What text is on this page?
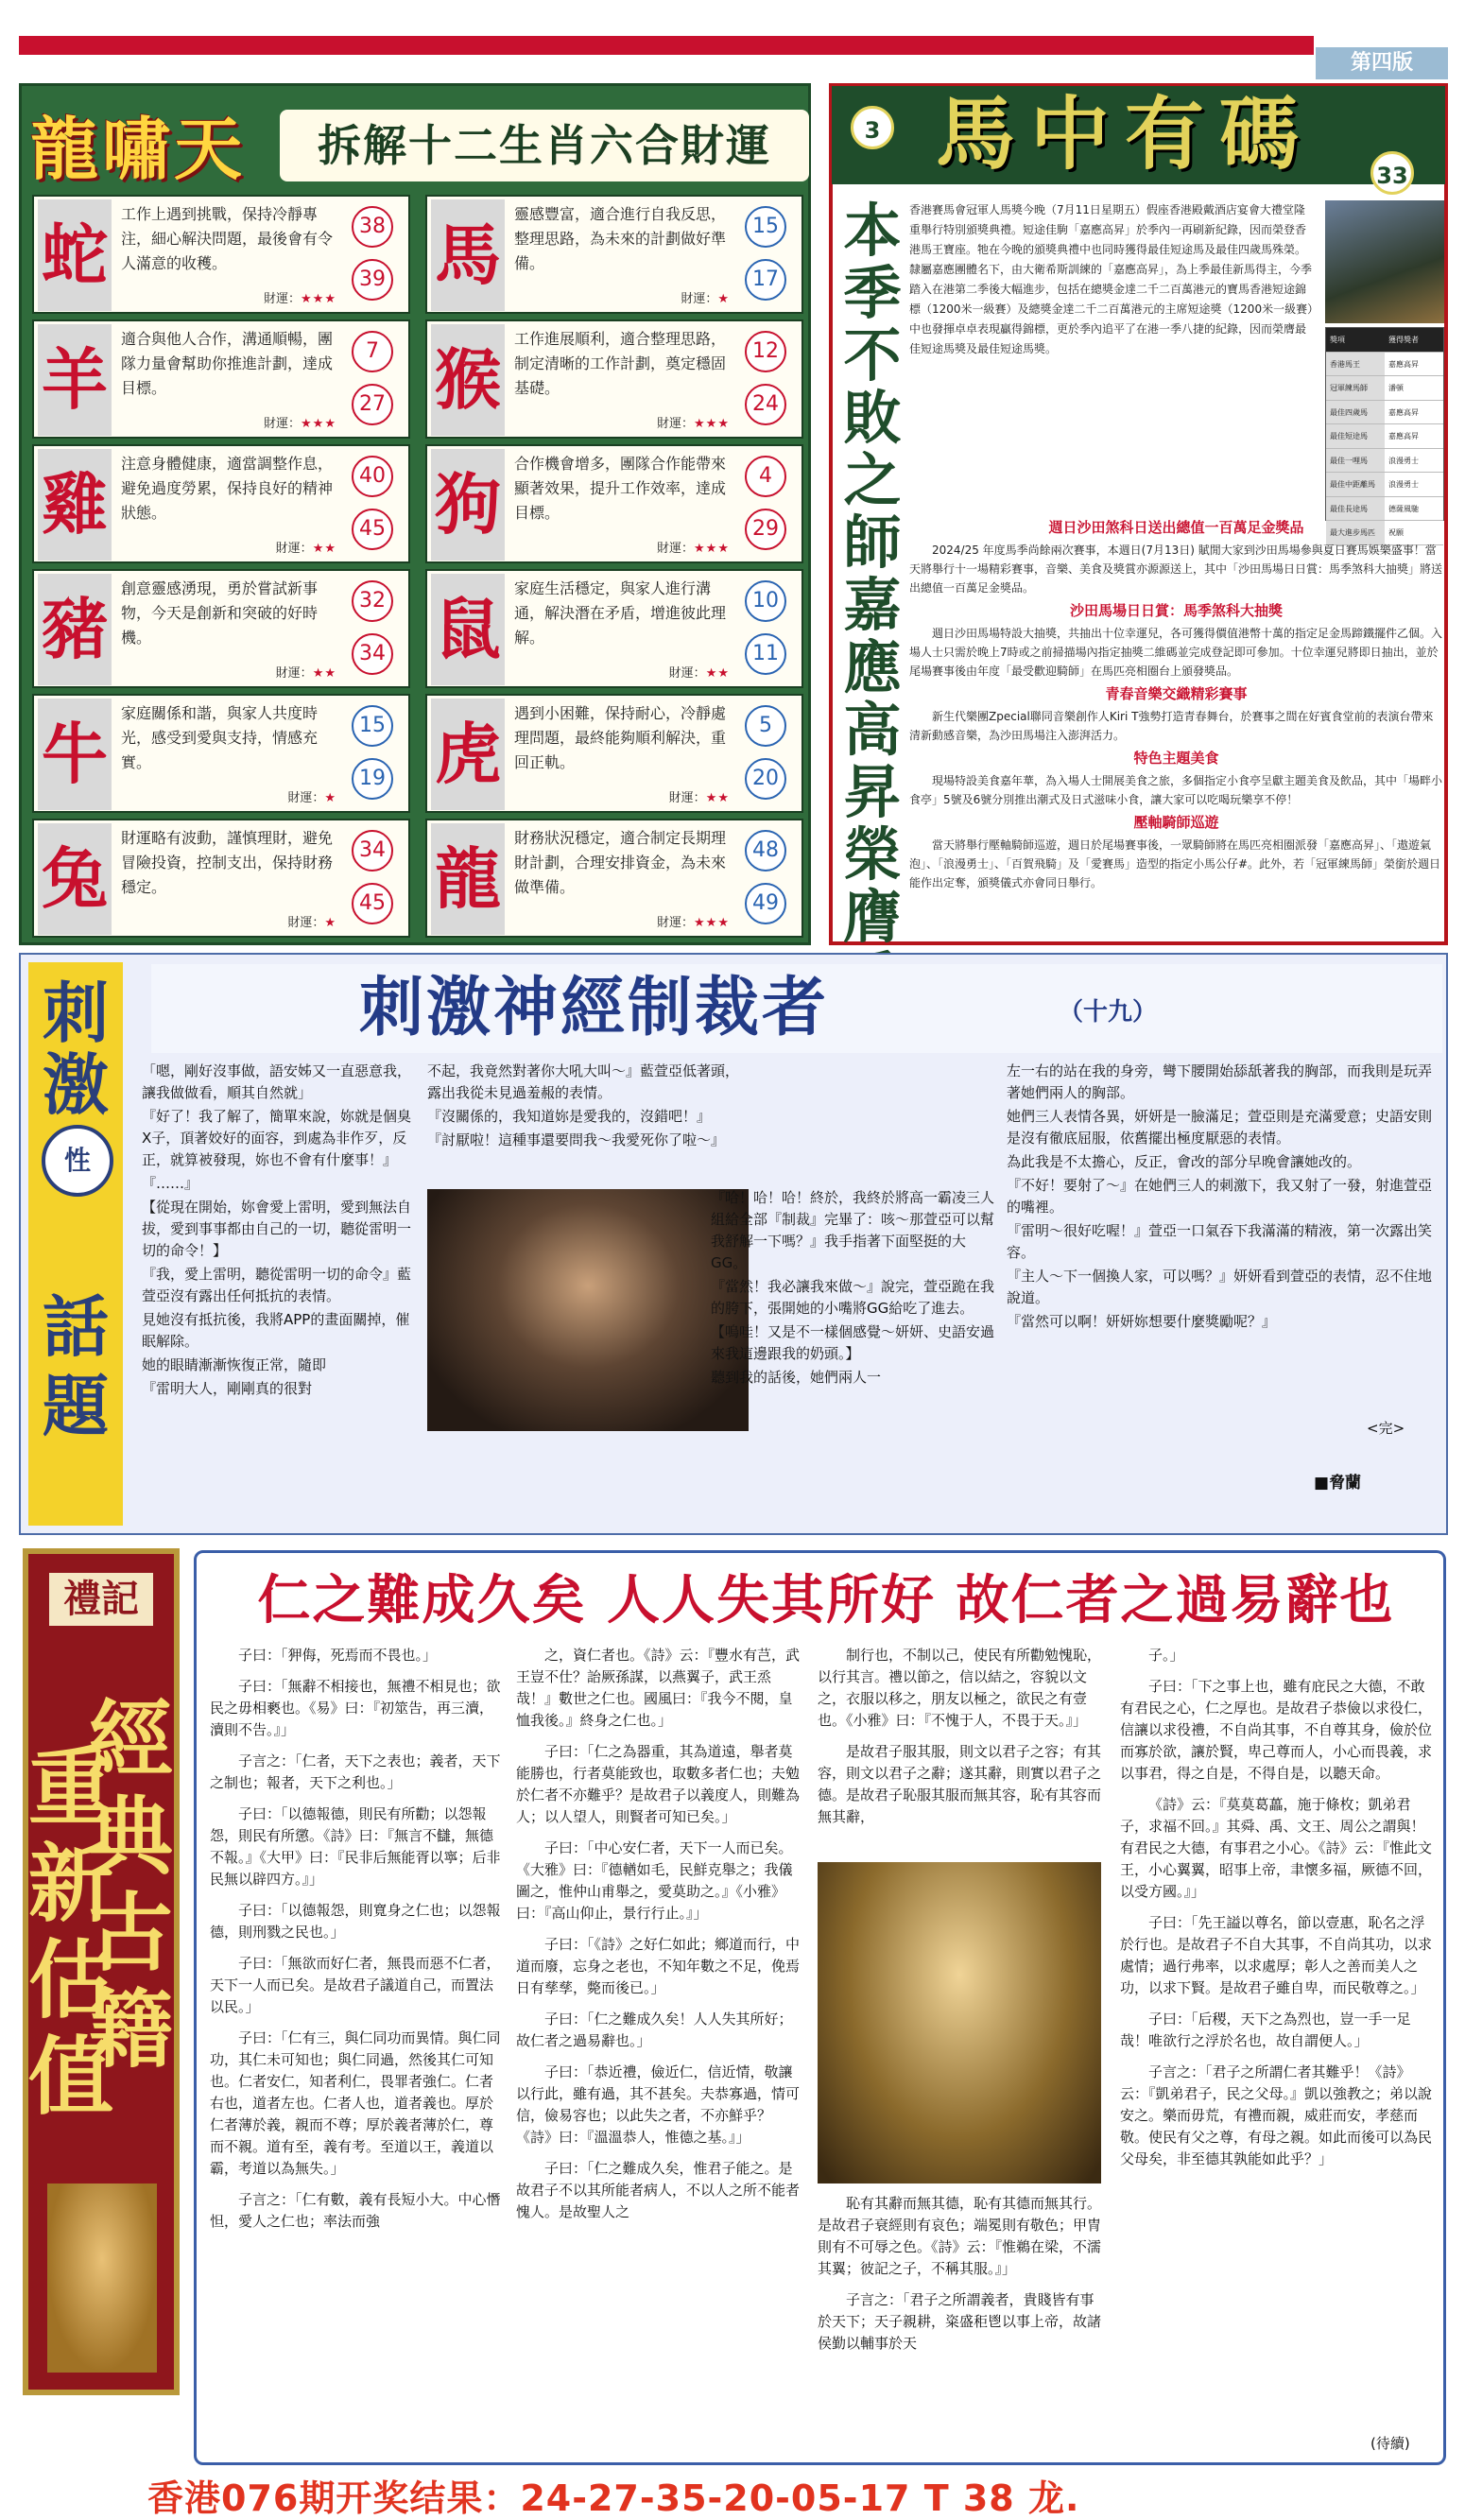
第四版
龍嘯天	拆解十二生肖六合財運
蛇
工作上遇到挑戰，保持冷靜專注，細心解決問題，最後會有令人滿意的收穫。
財運：★★★
38
39 馬
靈感豐富，適合進行自我反思，整理思路，為未來的計劃做好準備。
財運：★
15
17
羊
適合與他人合作，溝通順暢，團隊力量會幫助你推進計劃，達成目標。
財運：★★★
7
27 猴
工作進展順利，適合整理思路，制定清晰的工作計劃，奠定穩固基礎。
財運：★★★
12
24
雞
注意身體健康，適當調整作息，避免過度勞累，保持良好的精神狀態。
財運：★★
40
45 狗
合作機會增多，團隊合作能帶來顯著效果，提升工作效率，達成目標。
財運：★★★
4
29
豬
創意靈感湧現，勇於嘗試新事物，今天是創新和突破的好時機。
財運：★★
32
34 鼠
家庭生活穩定，與家人進行溝通，解決潛在矛盾，增進彼此理解。
財運：★★
10
11
牛
家庭關係和諧，與家人共度時光，感受到愛與支持，情感充實。
財運：★
15
19 虎
遇到小困難，保持耐心，冷靜處理問題，最終能夠順利解決，重回正軌。
財運：★★
5
20
兔
財運略有波動，謹慎理財，避免冒險投資，控制支出，保持財務穩定。
財運：★
34
45 龍
財務狀況穩定，適合制定長期理財計劃，合理安排資金，為未來做準備。
財運：★★★
48
49
3 馬中有碼	33
本季不敗之師嘉應高昇榮膺
香港賽馬會冠軍人馬獎今晚（7月11日星期五）假座香港殿戴酒店宴會大禮堂隆重舉行特別頒獎典禮。短途佳駒「嘉應高昇」於季內一再刷新紀錄，因而榮登香港馬王寶座。牠在今晚的頒獎典禮中也同時獲得最佳短途馬及最佳四歲馬殊榮。隸屬嘉應團體名下，由大衛希斯訓練的「嘉應高昇」，為上季最佳新馬得主，今季踏入在港第二季後大幅進步，包括在總獎金達二千二百萬港元的寶馬香港短途錦標（1200米一級賽）及總獎金達二千二百萬港元的主席短途獎（1200米一級賽）中也發揮卓卓表現贏得錦標，更於季內追平了在港一季八捷的紀錄，因而榮膺最佳短途馬獎及最佳短途馬獎。
獎項	獲得獎者
香港馬王	嘉應高昇
冠軍練馬師	潘頓
最佳四歲馬	嘉應高昇
最佳短途馬	嘉應高昇
最佳一哩馬	浪漫勇士
最佳中距離馬	浪漫勇士
最佳長途馬	德薩風馳
最大進步馬匹	祝願

週日沙田煞科日送出總值一百萬足金獎品

2024/25 年度馬季尚餘兩次賽事，本週日(7月13日) 賦閒大家到沙田馬場參與夏日賽馬娛樂盛事！當天將舉行十一場精彩賽事，音樂、美食及獎賞亦源源送上，其中「沙田馬場日日賞：馬季煞科大抽獎」將送出總值一百萬足金獎品。

沙田馬場日日賞：馬季煞科大抽獎

週日沙田馬場特設大抽獎，共抽出十位幸運兒，各可獲得價值港幣十萬的指定足金馬蹄鐵擺件乙個。入場人士只需於晚上7時或之前掃描場內指定抽獎二維碼並完成登記即可參加。十位幸運兒將即日抽出，並於尾場賽事後由年度「最受歡迎騎師」在馬匹亮相圈台上頒發獎品。

青春音樂交織精彩賽事

新生代樂團Zpecial聯同音樂創作人Kiri T強勢打造青春舞台，於賽事之間在好賓食堂前的表演台帶來清新動感音樂，為沙田馬場注入澎湃活力。

特色主題美食

現場特設美食嘉年華，為入場人士開展美食之旅，多個指定小食亭呈獻主題美食及飲品，其中「場畔小食亭」5號及6號分別推出潮式及日式滋味小食，讓大家可以吃喝玩樂享不停！

壓軸騎師巡遊

當天將舉行壓軸騎師巡遊，週日於尾場賽事後，一眾騎師將在馬匹亮相圈派發「嘉應高昇」、「遨遊氣泡」、「浪漫勇士」、「百賀飛騎」及「愛賽馬」造型的指定小馬公仔#。此外，若「冠軍練馬師」榮銜於週日能作出定奪，頒獎儀式亦會同日舉行。

刺
激
性
話
題
刺激神經制裁者	（十九）

「嗯，剛好沒事做，語安姊又一直惡意我，讓我做做看，順其自然就」

『好了！我了解了，簡單來說，妳就是個臭X子，頂著姣好的面容，到處為非作歹，反正，就算被發現，妳也不會有什麼事！』

『……』

【從現在開始，妳會愛上雷明，愛到無法自拔，愛到事事都由自己的一切，聽從雷明一切的命令！】

『我，愛上雷明，聽從雷明一切的命令』藍萱亞沒有露出任何抵抗的表情。

見她沒有抵抗後，我將APP的畫面關掉，催眠解除。

她的眼睛漸漸恢復正常，隨即

『雷明大人，剛剛真的很對

不起，我竟然對著你大吼大叫～』藍萱亞低著頭，露出我從未見過羞赧的表情。

『沒關係的，我知道妳是愛我的，沒錯吧！』

『討厭啦！這種事還要問我～我愛死你了啦～』

『哈！哈！哈！終於，我終於將高一霸凌三人組給全部『制裁』完畢了：咳～那萱亞可以幫我舒解一下嗎？』我手指著下面堅挺的大GG。

『當然！我必讓我來做～』說完，萱亞跪在我的胯下，張開她的小嘴將GG給吃了進去。

【嗚哇！又是不一樣個感覺～妍妍、史語安過來我這邊跟我的奶頭。】

聽到我的話後，她們兩人一

左一右的站在我的身旁，彎下腰開始舔舐著我的胸部，而我則是玩弄著她們兩人的胸部。

她們三人表情各異，妍妍是一臉滿足；萱亞則是充滿愛意；史語安則是沒有徹底屈服，依舊擺出極度厭惡的表情。

為此我是不太擔心，反正，會改的部分早晚會讓她改的。

『不好！要射了～』在她們三人的刺激下，我又射了一發，射進萱亞的嘴裡。

『雷明～很好吃喔！』萱亞一口氣吞下我滿滿的精液，第一次露出笑容。

『主人～下一個換人家，可以嗎？』妍妍看到萱亞的表情，忍不住地說道。

『當然可以啊！妍妍妳想要什麼獎勵呢？』

<完>
■脅蘭
禮記
經典古籍
重新估值
仁之難成久矣 人人失其所好 故仁者之過易辭也

子曰：「狎侮，死焉而不畏也。」

子曰：「無辭不相接也，無禮不相見也；欲民之毋相褻也。《易》曰：『初筮告，再三瀆，瀆則不告。』」

子言之：「仁者，天下之表也；義者，天下之制也；報者，天下之利也。」

子曰：「以德報德，則民有所勸；以怨報怨，則民有所懲。《詩》曰：『無言不讎，無德不報。』《大甲》曰：『民非后無能胥以寧；后非民無以辟四方。』」

子曰：「以德報怨，則寬身之仁也；以怨報德，則刑戮之民也。」

子曰：「無欲而好仁者，無畏而惡不仁者，天下一人而已矣。是故君子議道自己，而置法以民。」

子曰：「仁有三，與仁同功而異情。與仁同功，其仁未可知也；與仁同過，然後其仁可知也。仁者安仁，知者利仁，畏罪者強仁。仁者右也，道者左也。仁者人也，道者義也。厚於仁者薄於義，親而不尊；厚於義者薄於仁，尊而不親。道有至，義有考。至道以王，義道以霸，考道以為無失。」

子言之：「仁有數，義有長短小大。中心憯怛，愛人之仁也；率法而強

之，資仁者也。《詩》云：『豐水有芑，武王豈不仕？詒厥孫謀，以燕翼子，武王烝哉！』數世之仁也。國風曰：『我今不閱，皇恤我後。』終身之仁也。」

子曰：「仁之為器重，其為道遠，舉者莫能勝也，行者莫能致也，取數多者仁也；夫勉於仁者不亦難乎？是故君子以義度人，則難為人；以人望人，則賢者可知已矣。」

子曰：「中心安仁者，天下一人而已矣。《大雅》曰：『德輶如毛，民鮮克舉之；我儀圖之，惟仲山甫舉之，愛莫助之。』《小雅》曰：『高山仰止，景行行止。』」

子曰：「《詩》之好仁如此；鄉道而行，中道而廢，忘身之老也，不知年數之不足，俛焉日有孳孳，斃而後已。」

子曰：「仁之難成久矣！人人失其所好；故仁者之過易辭也。」

子曰：「恭近禮，儉近仁，信近情，敬讓以行此，雖有過，其不甚矣。夫恭寡過，情可信，儉易容也；以此失之者，不亦鮮乎？《詩》曰：『溫溫恭人，惟德之基。』」

子曰：「仁之難成久矣，惟君子能之。是故君子不以其所能者病人，不以人之所不能者愧人。是故聖人之

制行也，不制以己，使民有所勸勉愧恥，以行其言。禮以節之，信以結之，容貌以文之，衣服以移之，朋友以極之，欲民之有壹也。《小雅》曰：『不愧于人，不畏于天。』」

是故君子服其服，則文以君子之容；有其容，則文以君子之辭；遂其辭，則實以君子之德。是故君子恥服其服而無其容，恥有其容而無其辭，

恥有其辭而無其德，恥有其德而無其行。是故君子衰經則有哀色；端冕則有敬色；甲冑則有不可辱之色。《詩》云：『惟鵜在梁，不濡其翼；彼記之子，不稱其服。』」

子言之：「君子之所謂義者，貴賤皆有事於天下；天子親耕，粢盛秬鬯以事上帝，故諸侯勤以輔事於天

子。」

子曰：「下之事上也，雖有庇民之大德，不敢有君民之心，仁之厚也。是故君子恭儉以求役仁，信讓以求役禮，不自尚其事，不自尊其身，儉於位而寡於欲，讓於賢，卑己尊而人，小心而畏義，求以事君，得之自是，不得自是，以聽天命。

《詩》云：『莫莫葛藟，施于條枚；凱弟君子，求福不回。』其舜、禹、文王、周公之謂與！有君民之大德，有事君之小心。《詩》云：『惟此文王，小心翼翼，昭事上帝，聿懷多福，厥德不回，以受方國。』」

子曰：「先王謚以尊名，節以壹惠，恥名之浮於行也。是故君子不自大其事，不自尚其功，以求處情；過行弗率，以求處厚；彰人之善而美人之功，以求下賢。是故君子雖自卑，而民敬尊之。」

子曰：「后稷，天下之為烈也，豈一手一足哉！唯欲行之浮於名也，故自謂便人。」

子言之：「君子之所謂仁者其難乎！《詩》云：『凱弟君子，民之父母。』凱以強教之；弟以說安之。樂而毋荒，有禮而親，威莊而安，孝慈而敬。使民有父之尊，有母之親。如此而後可以為民父母矣，非至德其孰能如此乎？」

(待續)
香港076期开奖结果：24-27-35-20-05-17 T 38 龙.
